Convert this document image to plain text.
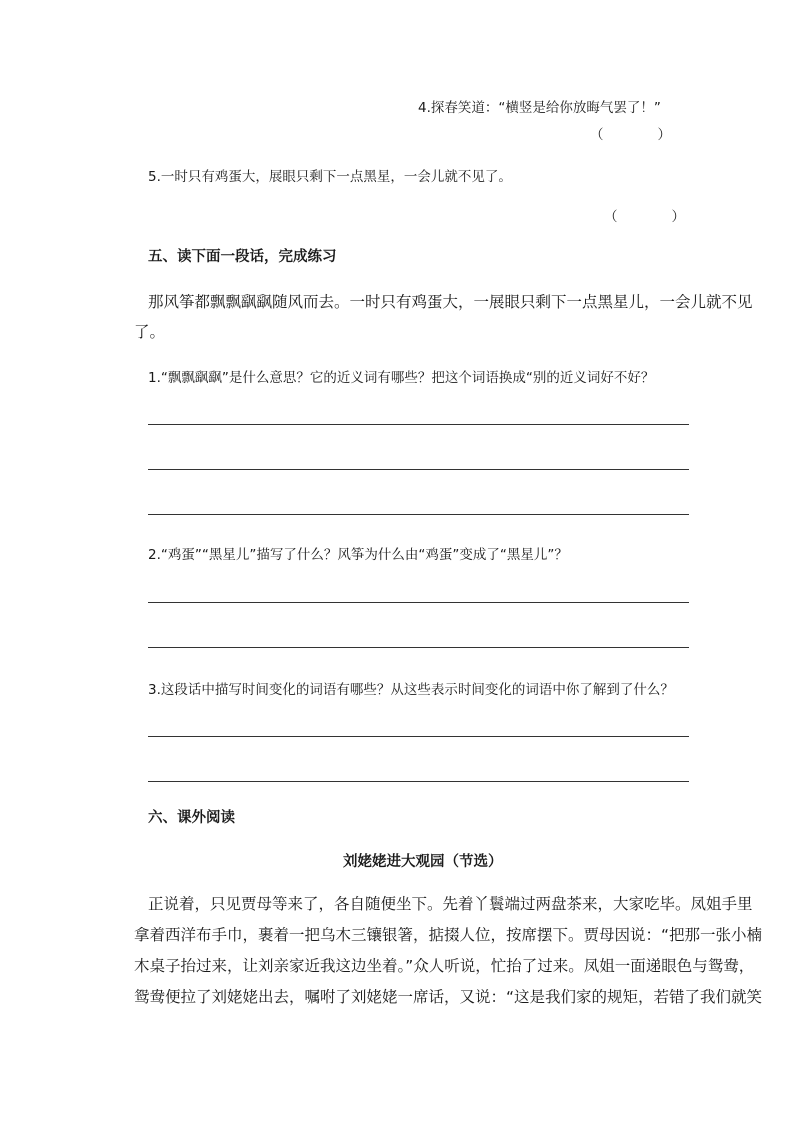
4.探春笑道：“横竖是给你放晦气罢了！”
（　　　　）
5.一时只有鸡蛋大，展眼只剩下一点黑星，一会儿就不见了。
（　　　　）
五、读下面一段话，完成练习
那风筝都飘飘飖飖随风而去。一时只有鸡蛋大，一展眼只剩下一点黑星儿，一会儿就不见
了。
1.“飘飘飖飖”是什么意思？它的近义词有哪些？把这个词语换成“别的近义词好不好？
2.“鸡蛋”“黑星儿”描写了什么？风筝为什么由“鸡蛋”变成了“黑星儿”？
3.这段话中描写时间变化的词语有哪些？从这些表示时间变化的词语中你了解到了什么？
六、课外阅读
刘姥姥进大观园（节选）
正说着，只见贾母等来了，各自随便坐下。先着丫鬟端过两盘茶来，大家吃毕。凤姐手里
拿着西洋布手巾，裹着一把乌木三镶银箸，掂掇人位，按席摆下。贾母因说：“把那一张小楠
木桌子抬过来，让刘亲家近我这边坐着。”众人听说，忙抬了过来。凤姐一面递眼色与鸳鸯，
鸳鸯便拉了刘姥姥出去，嘱咐了刘姥姥一席话，又说：“这是我们家的规矩，若错了我们就笑
